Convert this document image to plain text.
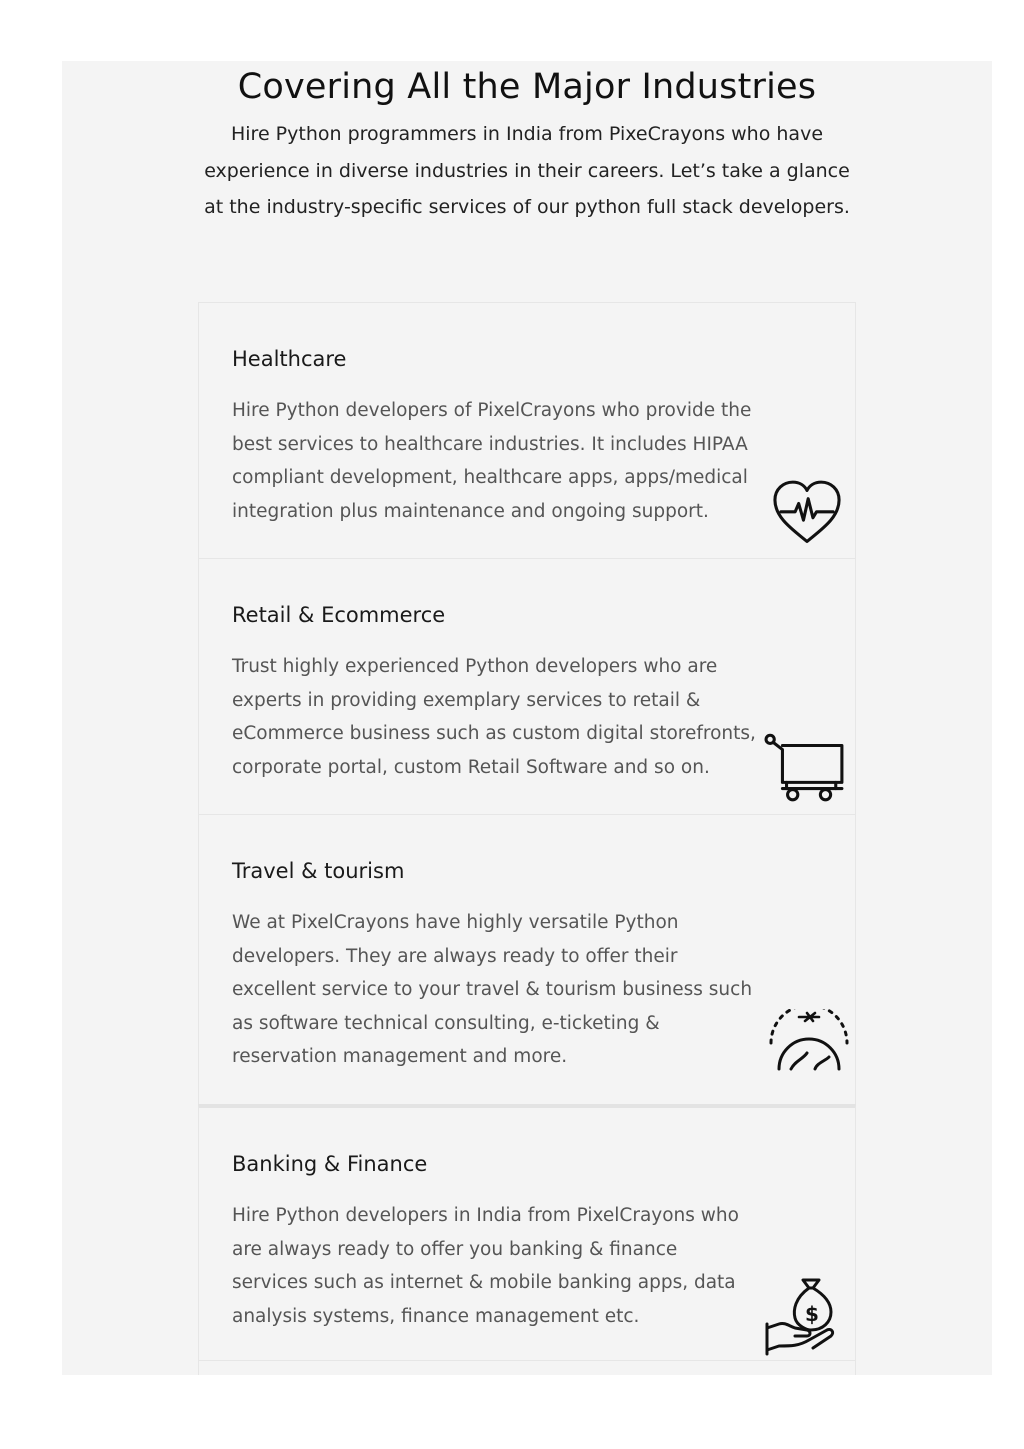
Covering All the Major Industries

Hire Python programmers in India from PixeCrayons who have experience in diverse industries in their careers. Let’s take a glance at the industry-specific services of our python full stack developers.

Healthcare

Hire Python developers of PixelCrayons who provide the best services to healthcare industries. It includes HIPAA compliant development, healthcare apps, apps/medical integration plus maintenance and ongoing support.

Retail & Ecommerce

Trust highly experienced Python developers who are experts in providing exemplary services to retail & eCommerce business such as custom digital storefronts, corporate portal, custom Retail Software and so on.

Travel & tourism

We at PixelCrayons have highly versatile Python developers. They are always ready to offer their excellent service to your travel & tourism business such as software technical consulting, e-ticketing & reservation management and more.

Banking & Finance

Hire Python developers in India from PixelCrayons who are always ready to offer you banking & finance services such as internet & mobile banking apps, data analysis systems, finance management etc.	$
